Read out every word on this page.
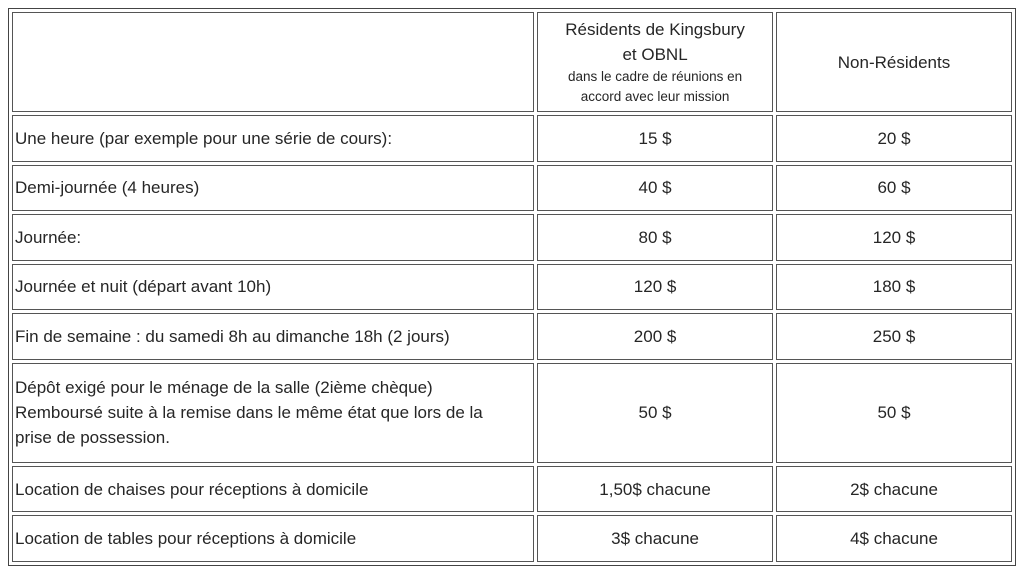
	Résidents de Kingsbury
et OBNL
dans le cadre de réunions en
accord avec leur mission	Non-Résidents
Une heure (par exemple pour une série de cours):	15 $	20 $
Demi-journée (4 heures)	40 $	60 $
Journée:	80 $	120 $
Journée et nuit (départ avant 10h)	120 $	180 $
Fin de semaine : du samedi 8h au dimanche 18h (2 jours)	200 $	250 $

Dépôt exigé pour le ménage de la salle (2ième chèque)
Remboursé suite à la remise dans le même état que lors de la
prise de possession.	50 $	50 $
Location de chaises pour réceptions à domicile	1,50$ chacune	2$ chacune
Location de tables pour réceptions à domicile	3$ chacune	4$ chacune
